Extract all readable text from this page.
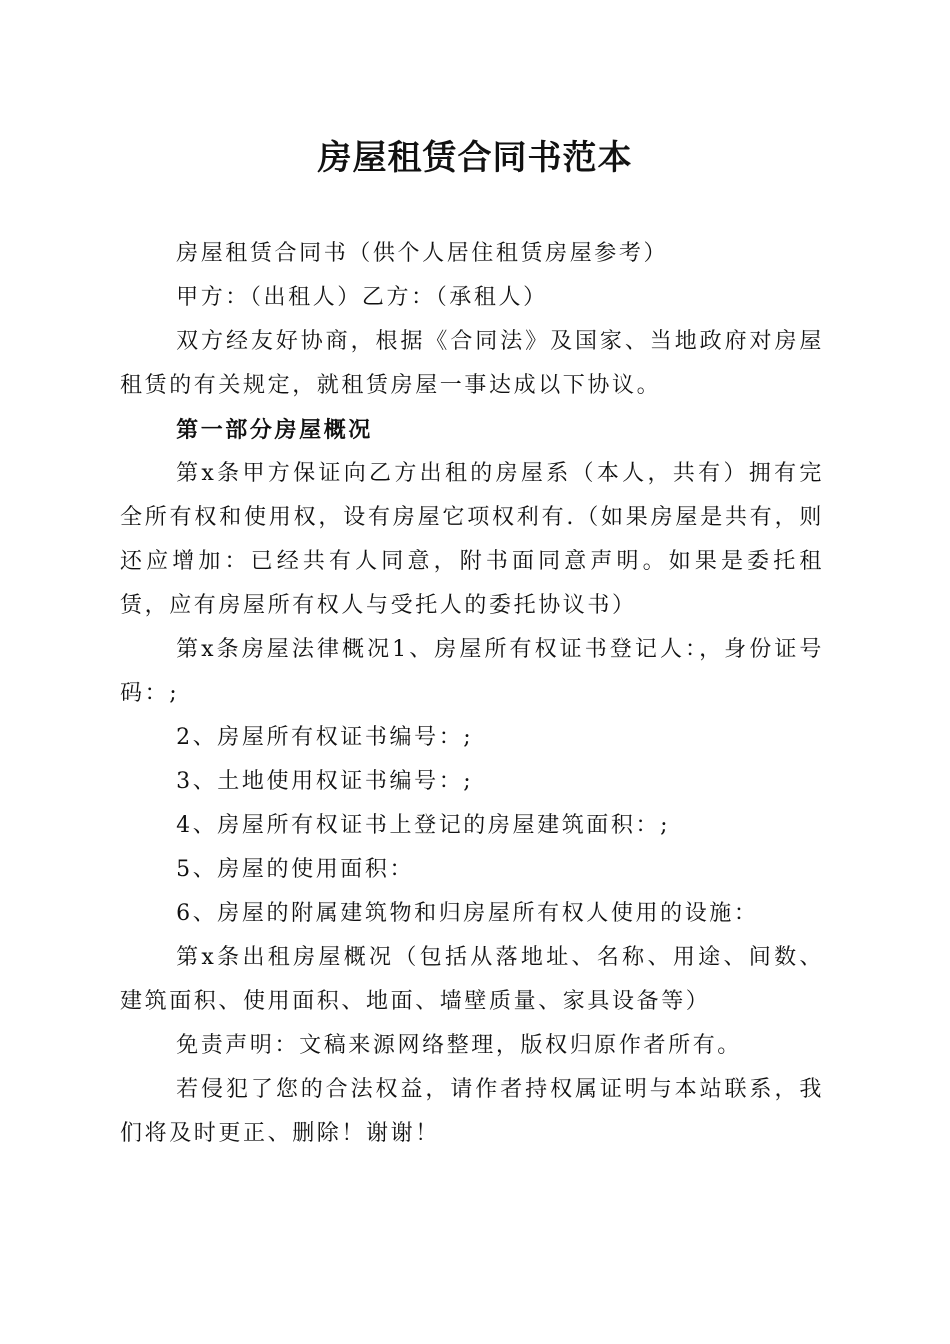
房屋租赁合同书范本

房屋租赁合同书（供个人居住租赁房屋参考）

甲方：（出租人）乙方：（承租人）

双方经友好协商，根据《合同法》及国家、当地政府对房屋租赁的有关规定，就租赁房屋一事达成以下协议。

第一部分房屋概况

第x条甲方保证向乙方出租的房屋系（本人，共有）拥有完全所有权和使用权，设有房屋它项权利有.（如果房屋是共有，则还应增加：已经共有人同意，附书面同意声明。如果是委托租赁，应有房屋所有权人与受托人的委托协议书）

第x条房屋法律概况1、房屋所有权证书登记人：，身份证号码：;

2、房屋所有权证书编号：;

3、土地使用权证书编号：;

4、房屋所有权证书上登记的房屋建筑面积：;

5、房屋的使用面积：

6、房屋的附属建筑物和归房屋所有权人使用的设施：

第x条出租房屋概况（包括从落地址、名称、用途、间数、建筑面积、使用面积、地面、墙壁质量、家具设备等）

免责声明：文稿来源网络整理，版权归原作者所有。

若侵犯了您的合法权益，请作者持权属证明与本站联系，我们将及时更正、删除！谢谢！
